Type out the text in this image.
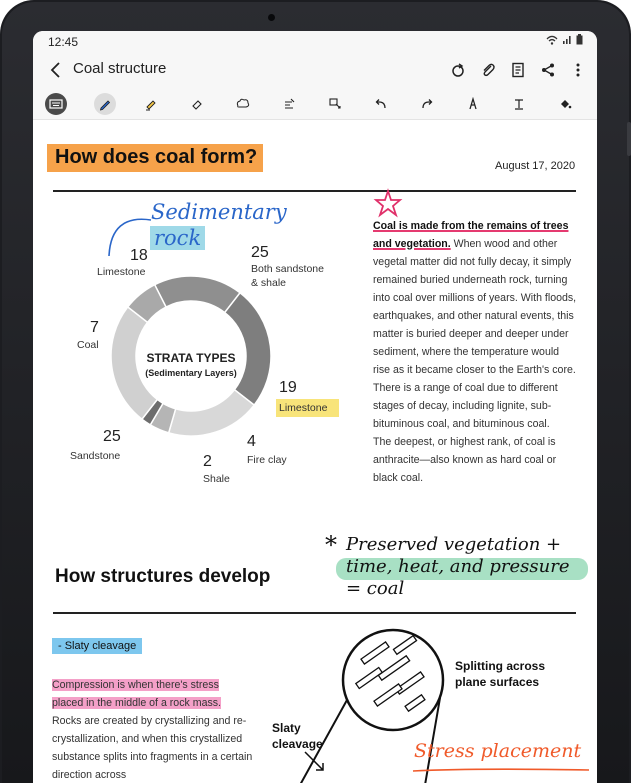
12:45
Coal structure
How does coal form?	August 17, 2020
Sedimentary
rock
STRATA TYPES
(Sedimentary Layers)
18
Limestone
25
Both sandstone
& shale
7
Coal
19
Limestone
25
Sandstone
4
Fire clay
2
Shale
Coal is made from the remains of trees
and vegetation. When wood and other vegetal matter did not fully decay, it simply remained buried underneath rock, turning into coal over millions of years. With floods, earthquakes, and other natural events, this matter is buried deeper and deeper under sediment, where the temperature would rise as it became closer to the Earth's core. There is a range of coal due to different stages of decay, including lignite, sub-bituminous coal, and bituminous coal.
The deepest, or highest rank, of coal is anthracite—also known as hard coal or black coal.
* Preserved vegetation +
time, heat, and pressure
= coal
How structures develop
- Slaty cleavage
Compression is when there's stress
placed in the middle of a rock mass.
Rocks are created by crystallizing and re-crystallization, and when this crystallized substance splits into fragments in a certain direction across
Splitting across
plane surfaces
Slaty
cleavage	Stress placement
